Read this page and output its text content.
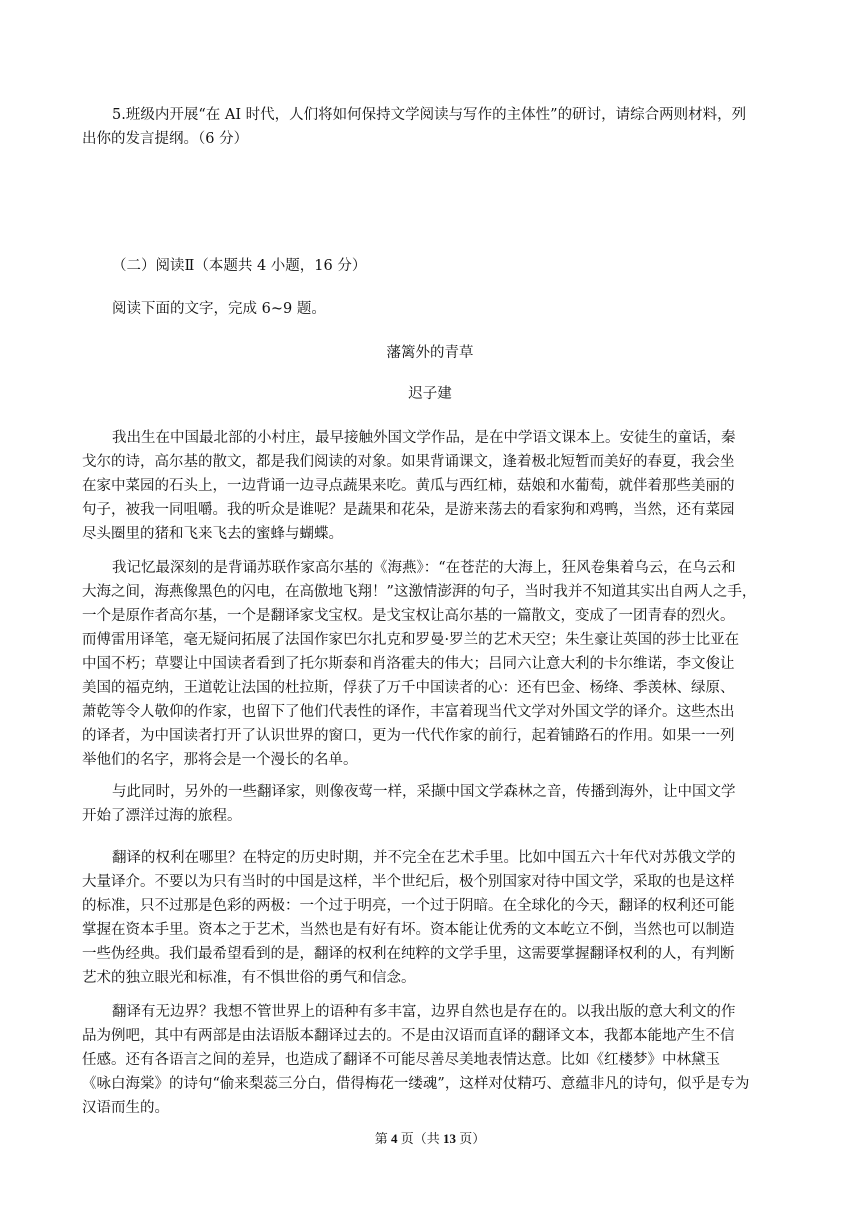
5.班级内开展“在 AI 时代，人们将如何保持文学阅读与写作的主体性”的研讨，请综合两则材料，列

出你的发言提纲。（6 分）

（二）阅读Ⅱ（本题共 4 小题，16 分）

阅读下面的文字，完成 6~9 题。

藩篱外的青草

迟子建

我出生在中国最北部的小村庄，最早接触外国文学作品，是在中学语文课本上。安徒生的童话，秦
戈尔的诗，高尔基的散文，都是我们阅读的对象。如果背诵课文，逢着极北短暂而美好的春夏，我会坐
在家中菜园的石头上，一边背诵一边寻点蔬果来吃。黄瓜与西红柿，菇娘和水葡萄，就伴着那些美丽的
句子，被我一同咀嚼。我的听众是谁呢？是蔬果和花朵，是游来荡去的看家狗和鸡鸭，当然，还有菜园
尽头圈里的猪和飞来飞去的蜜蜂与蝴蝶。
我记忆最深刻的是背诵苏联作家高尔基的《海燕》：“在苍茫的大海上，狂风卷集着乌云，在乌云和
大海之间，海燕像黑色的闪电，在高傲地飞翔！”这激情澎湃的句子，当时我并不知道其实出自两人之手，
一个是原作者高尔基，一个是翻译家戈宝权。是戈宝权让高尔基的一篇散文，变成了一团青春的烈火。
而傅雷用译笔，毫无疑问拓展了法国作家巴尔扎克和罗曼·罗兰的艺术天空；朱生豪让英国的莎士比亚在
中国不朽；草婴让中国读者看到了托尔斯泰和肖洛霍夫的伟大；吕同六让意大利的卡尔维诺，李文俊让
美国的福克纳，王道乾让法国的杜拉斯，俘获了万千中国读者的心：还有巴金、杨绛、季羡林、绿原、
萧乾等令人敬仰的作家，也留下了他们代表性的译作，丰富着现当代文学对外国文学的译介。这些杰出
的译者，为中国读者打开了认识世界的窗口，更为一代代作家的前行，起着铺路石的作用。如果一一列
举他们的名字，那将会是一个漫长的名单。
与此同时，另外的一些翻译家，则像夜莺一样，采撷中国文学森林之音，传播到海外，让中国文学
开始了漂洋过海的旅程。
翻译的权利在哪里？在特定的历史时期，并不完全在艺术手里。比如中国五六十年代对苏俄文学的
大量译介。不要以为只有当时的中国是这样，半个世纪后，极个别国家对待中国文学，采取的也是这样
的标准，只不过那是色彩的两极：一个过于明亮，一个过于阴暗。在全球化的今天，翻译的权利还可能
掌握在资本手里。资本之于艺术，当然也是有好有坏。资本能让优秀的文本屹立不倒，当然也可以制造
一些伪经典。我们最希望看到的是，翻译的权利在纯粹的文学手里，这需要掌握翻译权利的人，有判断
艺术的独立眼光和标准，有不惧世俗的勇气和信念。
翻译有无边界？我想不管世界上的语种有多丰富，边界自然也是存在的。以我出版的意大利文的作
品为例吧，其中有两部是由法语版本翻译过去的。不是由汉语而直译的翻译文本，我都本能地产生不信
任感。还有各语言之间的差异，也造成了翻译不可能尽善尽美地表情达意。比如《红楼梦》中林黛玉
《咏白海棠》的诗句“偷来梨蕊三分白，借得梅花一缕魂”，这样对仗精巧、意蕴非凡的诗句，似乎是专为
汉语而生的。

第 4 页（共 13 页）
